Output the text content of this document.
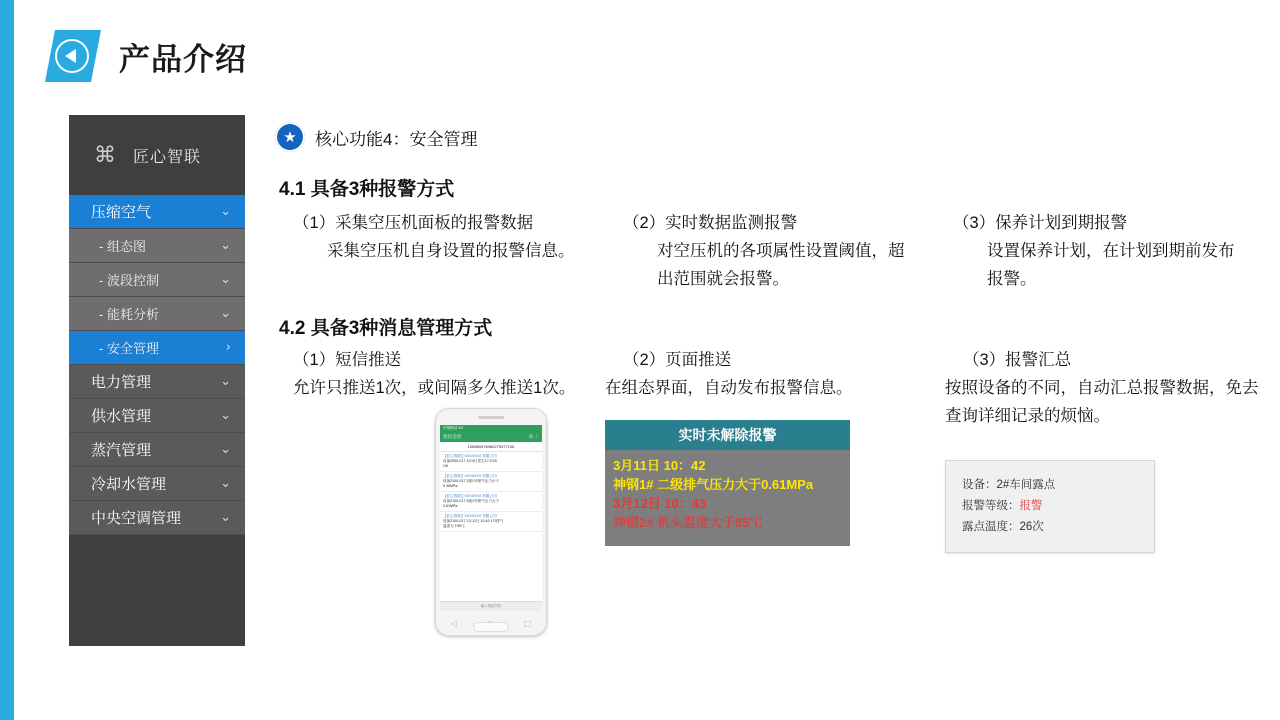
产品介绍
⌘	匠心智联
压缩空气	⌄
- 组态图	⌄
- 波段控制	⌄
- 能耗分析	⌄
- 安全管理	›
电力管理	⌄
供水管理	⌄
蒸汽管理	⌄
冷却水管理	⌄
中央空调管理	⌄
★	核心功能4：安全管理
4.1 具备3种报警方式
（1）采集空压机面板的报警数据
采集空压机自身设置的报警信息。
（2）实时数据监测报警
对空压机的各项属性设置阈值，超出范围就会报警。
（3）保养计划到期报警
设置保养计划，在计划到期前发布报警。
4.2 具备3种消息管理方式
（1）短信推送
允许只推送1次，或间隔多久推送1次。
中国移动 4G
短信会话	✆ ⋮
106580576980275377106
【匠心智联】XXXXXXX 有限公司
设备2000-017 3月4日发生17:0:00
OK
【匠心智联】XXXXXXX 有限公司
设备2100-017 2级1号排气压力小于
0.39MPa
【匠心智联】XXXXXXX 有限公司
设备2100-017 2级1号排气压力大于
0.61MPa
【匠心智联】XXXXXXX 有限公司
设备2100-017 3月12日 10:43 1号排气
温度大于85℃
输入短信内容
◁	□
（2）页面推送
在组态界面，自动发布报警信息。
实时未解除报警
3月11日 10：42
神钢1# 二级排气压力大于0.61MPa
3月12日 10：43
神钢2# 机头温度大于85℃
（3）报警汇总
按照设备的不同，自动汇总报警数据，免去查询详细记录的烦恼。
设备：2#车间露点
报警等级：报警
露点温度：26次
